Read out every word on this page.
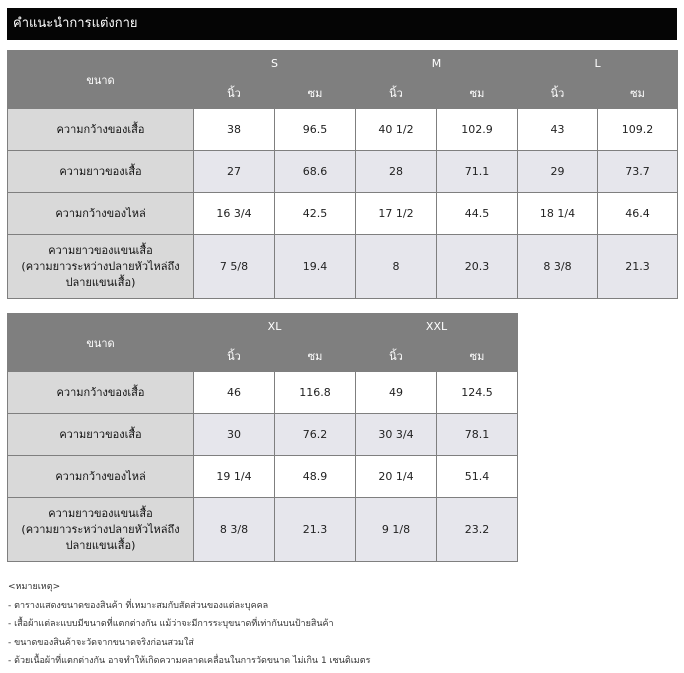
คำแนะนำการแต่งกาย
ขนาด	S		M		L	
	นิ้ว	ซม	นิ้ว	ซม	นิ้ว	ซม
ความกว้างของเสื้อ	38	96.5	40 1/2	102.9	43	109.2
ความยาวของเสื้อ	27	68.6	28	71.1	29	73.7
ความกว้างของไหล่	16 3/4	42.5	17 1/2	44.5	18 1/4	46.4

ความยาวของแขนเสื้อ
(ความยาวระหว่างปลายหัวไหล่ถึง
ปลายแขนเสื้อ)	7 5/8	19.4	8	20.3	8 3/8	21.3
ขนาด	XL		XXL	
	นิ้ว	ซม	นิ้ว	ซม
ความกว้างของเสื้อ	46	116.8	49	124.5
ความยาวของเสื้อ	30	76.2	30 3/4	78.1
ความกว้างของไหล่	19 1/4	48.9	20 1/4	51.4

ความยาวของแขนเสื้อ
(ความยาวระหว่างปลายหัวไหล่ถึง
ปลายแขนเสื้อ)	8 3/8	21.3	9 1/8	23.2
<หมายเหตุ>
- ตารางแสดงขนาดของสินค้า ที่เหมาะสมกับสัดส่วนของแต่ละบุคคล
- เสื้อผ้าแต่ละแบบมีขนาดที่แตกต่างกัน แม้ว่าจะมีการระบุขนาดที่เท่ากันบนป้ายสินค้า
- ขนาดของสินค้าจะวัดจากขนาดจริงก่อนสวมใส่
- ด้วยเนื้อผ้าที่แตกต่างกัน อาจทำให้เกิดความคลาดเคลื่อนในการวัดขนาด ไม่เกิน 1 เซนติเมตร
